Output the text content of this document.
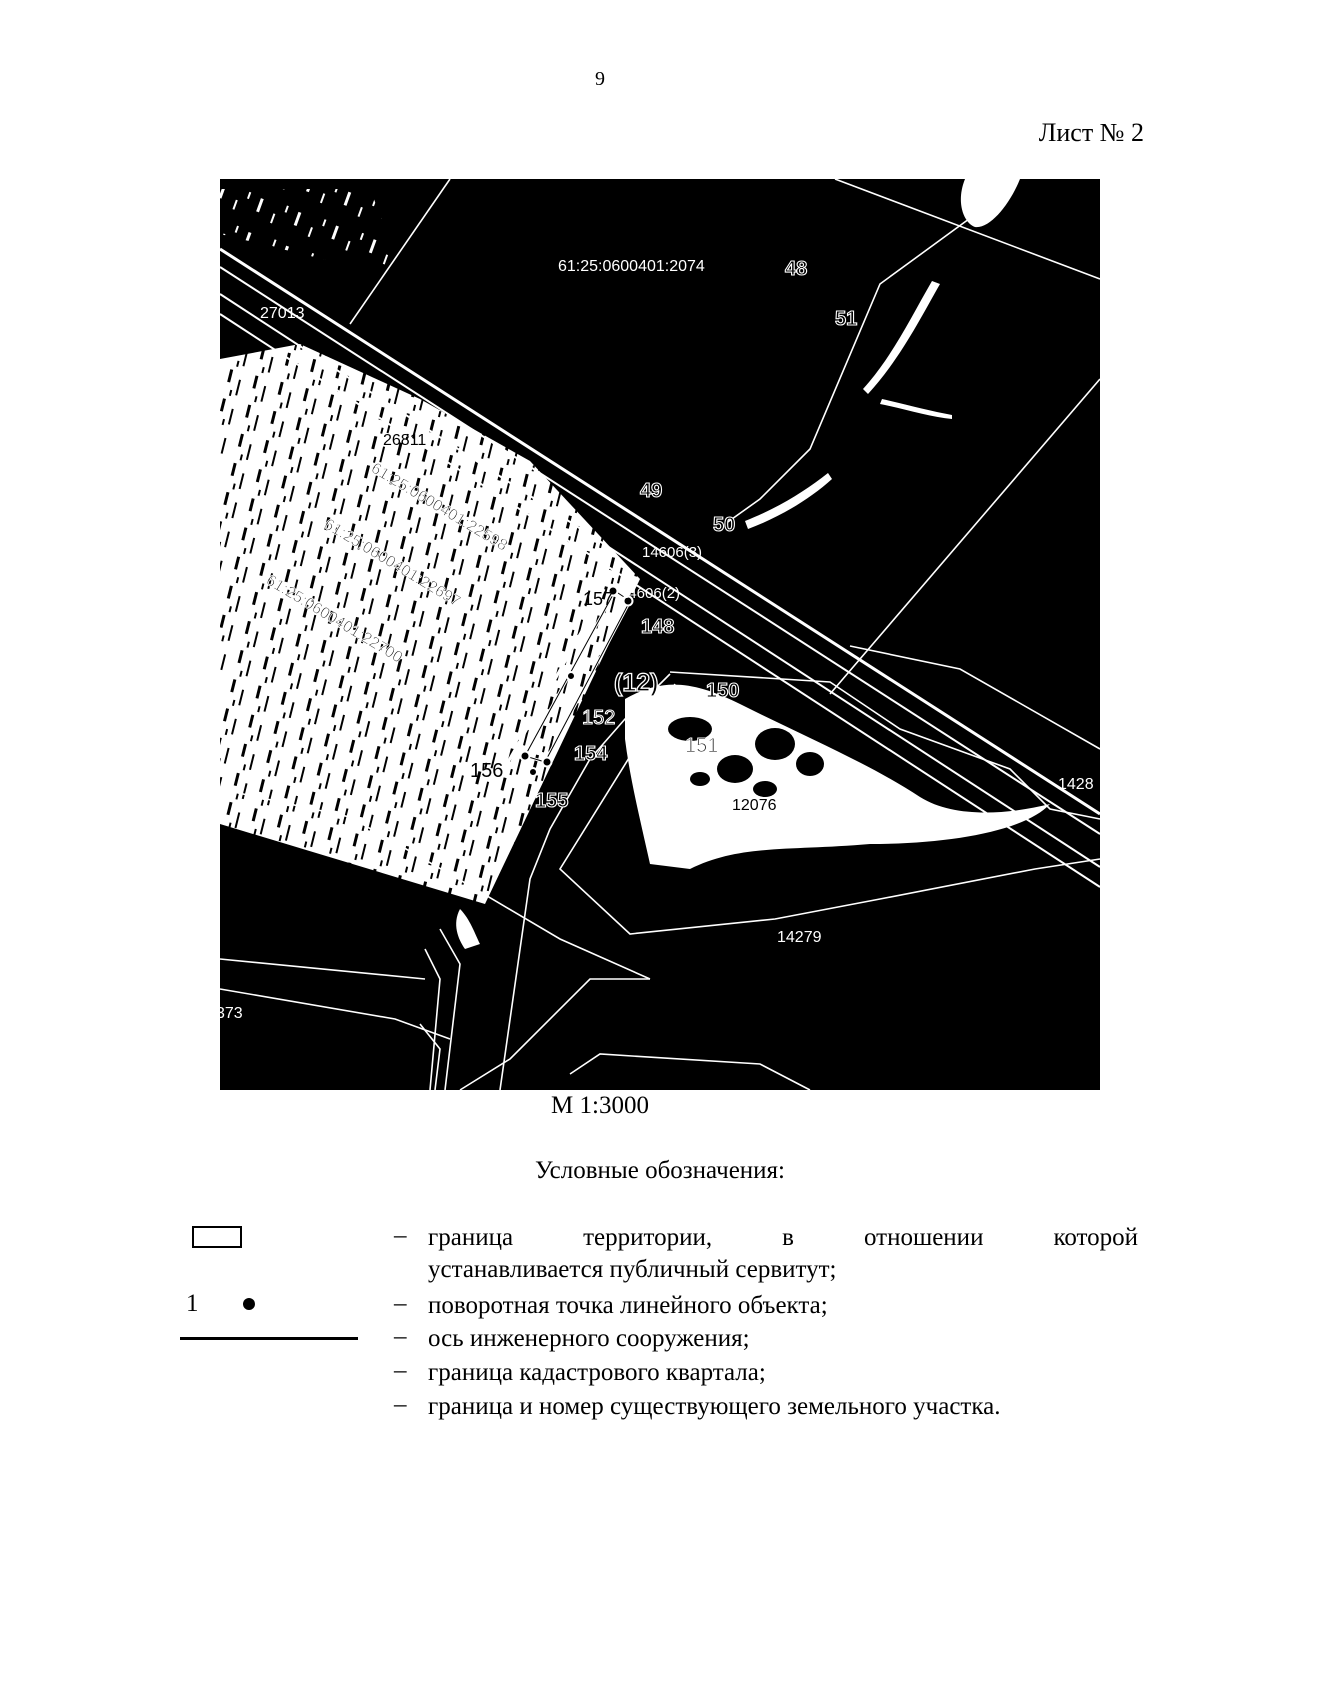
9
Лист № 2
61:25:0600401:2074	48
51
27013
26811
61:25:0600401:22598
61:25:0600401:22697
61:25:0600401:22700
49
50
14606(3)
14606(2)
157
148
(12) 150
152
151
156
154
155	12076
1428
14279
373
М 1:3000
Условные обозначения:
– граница территории, в отношении которой
устанавливается публичный сервитут;
1	– поворотная точка линейного объекта;
– ось инженерного сооружения;
– граница кадастрового квартала;
– граница и номер существующего земельного участка.
